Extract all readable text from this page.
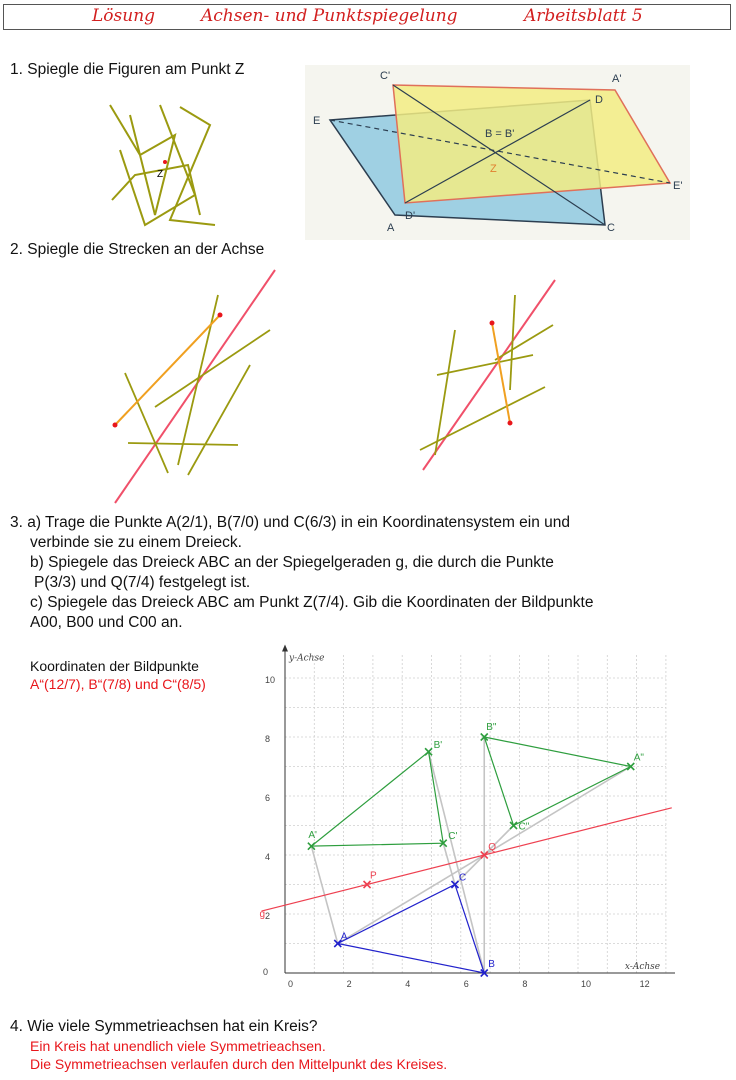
Lösung	Achsen- und Punktspiegelung	Arbeitsblatt 5
1. Spiegle die Figuren am Punkt Z
Z
C'	A'
D
E
B = B'
Z
E'
D'
A	C
2. Spiegle die Strecken an der Achse
3. a) Trage die Punkte A(2/1), B(7/0) und C(6/3) in ein Koordinatensystem ein und
verbinde sie zu einem Dreieck.
b) Spiegele das Dreieck ABC an der Spiegelgeraden g, die durch die Punkte
P(3/3) und Q(7/4) festgelegt ist.
c) Spiegele das Dreieck ABC am Punkt Z(7/4). Gib die Koordinaten der Bildpunkte
A00, B00 und C00 an.
Koordinaten der Bildpunkte
A“(12/7), B“(7/8) und C“(8/5)
0	2	4	6	8	10	12
2
4
6
8
10
0
y-Achse
x-Achse
g
A
B
C
A'
B'
C'
B"
A"
C"
P
Q
4. Wie viele Symmetrieachsen hat ein Kreis?
Ein Kreis hat unendlich viele Symmetrieachsen.
Die Symmetrieachsen verlaufen durch den Mittelpunkt des Kreises.
